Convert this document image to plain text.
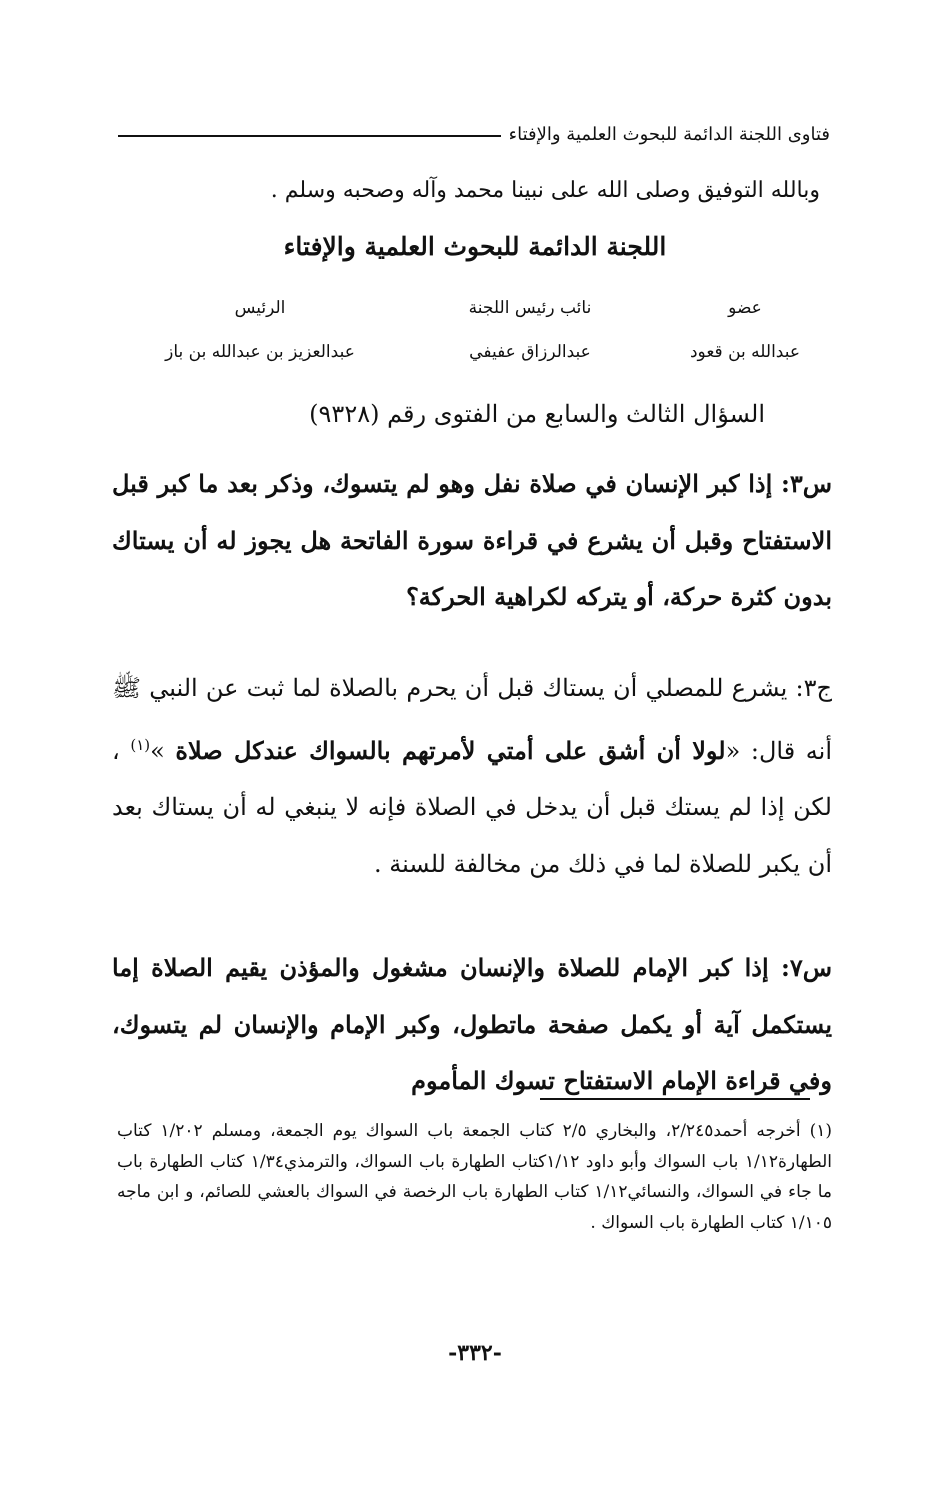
فتاوى اللجنة الدائمة للبحوث العلمية والإفتاء
وبالله التوفيق وصلى الله على نبينا محمد وآله وصحبه وسلم .
اللجنة الدائمة للبحوث العلمية والإفتاء
عضو
نائب رئيس اللجنة
الرئيس
عبدالله بن قعود
عبدالرزاق عفيفي
عبدالعزيز بن عبدالله بن باز
السؤال الثالث والسابع من الفتوى رقم (٩٣٢٨)
س٣: إذا كبر الإنسان في صلاة نفل وهو لم يتسوك، وذكر بعد ما كبر قبل الاستفتاح وقبل أن يشرع في قراءة سورة الفاتحة هل يجوز له أن يستاك بدون كثرة حركة، أو يتركه لكراهية الحركة؟
ج٣: يشرع للمصلي أن يستاك قبل أن يحرم بالصلاة لما ثبت عن النبي ﷺ أنه قال: «لولا أن أشق على أمتي لأمرتهم بالسواك عندكل صلاة »$^{(١)}$ ، لكن إذا لم يستك قبل أن يدخل في الصلاة فإنه لا ينبغي له أن يستاك بعد أن يكبر للصلاة لما في ذلك من مخالفة للسنة .
س٧: إذا كبر الإمام للصلاة والإنسان مشغول والمؤذن يقيم الصلاة إما يستكمل آية أو يكمل صفحة ماتطول، وكبر الإمام والإنسان لم يتسوك، وفي قراءة الإمام الاستفتاح تسوك المأموم
(١) أخرجه أحمد٢/٢٤٥، والبخاري ٢/٥ كتاب الجمعة باب السواك يوم الجمعة، ومسلم ١/٢٠٢ كتاب الطهارة١/١٢ باب السواك وأبو داود ١/١٢كتاب الطهارة باب السواك، والترمذي١/٣٤ كتاب الطهارة باب ما جاء في السواك، والنسائي١/١٢ كتاب الطهارة باب الرخصة في السواك بالعشي للصائم، و ابن ماجه ١/١٠٥ كتاب الطهارة باب السواك .
-٣٣٢-
